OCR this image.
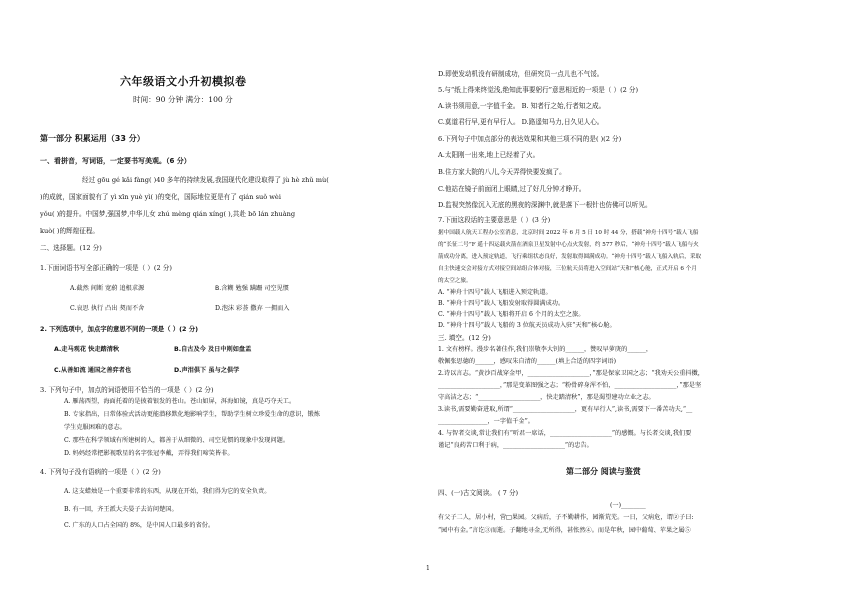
六年级语文小升初模拟卷
时间：90 分钟 满分：100 分
第一部分 积累运用（33 分）
一、看拼音，写词语，一定要书写美观。（6 分）
经过 gōu gé kǎi fàng( )40 多年的持续发展,我国现代化建设取得了 jù hè zhǔ mù(
)的成就，国家面貌有了 yì xīn yuè yì( )的变化，国际地位更是有了 qián suǒ wèi
yǒu( )的提升。中国梦,强国梦,中华儿女 zhú mèng qián xíng( ),共赴 bō lán zhuàng
kuò( )的辉煌征程。
二、选择题。(12 分)
1.下面词语书写全部正确的一项是（ ）(2 分)
A.截然 间断 宽蔚 追根求源	B.含糊 勉强 蹒跚 司空见惯
C.哀思 执行 凸出 契而不舍	D.泡沫 彩荟 撒弃 一拥而入
2. 下列选项中，加点字的意思不同的一项是（ ）(2 分)
A.走马观花 快走踏清秋	B.自古及今 及日中则如盘盂
C.从善如流 通国之善弈者也	D.声泪俱下 虽与之俱学
3. 下列句子中，加点的词语使用不恰当的一项是（ ）(2 分)
A. 雁荡西望，海面托着的是披着银发的苍山。苍山如屏，洱海如镜，真是巧夺天工。
B. 专家指出，日常体验式活动更能潜移默化地影响学生，帮助学生树立珍爱生命的意识，锻炼
学生克服困难的意志。
C. 那些在科学领域有所建树的人，都善于从细微的、司空见惯的现象中发现问题。
D. 妈妈经常把影视歌星的名字张冠李戴，弄得我们啼笑皆非。
4. 下列句子没有语病的一项是（ ）(2 分)
A. 这支蜡烛是一个重要非常的东西，从现在开始，我们得为它的安全负责。
B. 有一回，齐王派大夫晏子去访问楚国。
C. 广东的人口占全国的 8%，是中国人口最多的省份。
D.即使发动机没有研制成功，但研究员一点儿也不气馁。
5.与“纸上得来终觉浅,绝知此事要躬行”意思相近的一项是（ ）(2 分)
A.读书须用意,一字值千金。 B. 知者行之始,行者知之成。
C.莫道君行早,更有早行人。 D.路遥知马力,日久见人心。
6.下列句子中加点部分的表达效果和其他三项不同的是( )(2 分)
A.太阳刚一出来,地上已经着了火。
B.住方家大院的八儿,今天弄得快要发疯了。
C.他站在镜子前面闭上眼睛,过了好几分钟才睁开。
D.监视突然像沉入无底的黑夜的深渊中,就是落下一根针也仿佛可以听见。
7.下面这段话的主要意思是（ ）(3 分)
据中国载人航天工程办公室消息，北京时间 2022 年 6 月 5 日 10 时 44 分，搭载“神舟十四号”载人飞船
的“长征二号”F 遥十四运载火箭在酒泉卫星发射中心点火发射，约 577 秒后，“神舟十四号”载人飞船与火
箭成功分离，进入预定轨道，飞行乘组状态良好，发射取得圆满成功。“神舟十四号”载人飞船入轨后，采取
自主快速交会对接方式对接空间站组合体对接，三位航天员将进入空间站“天和”核心舱，正式开启 6 个月
的太空之旅。
A. “神舟十四号”载人飞船进入预定轨道。
B. “神舟十四号”载人飞船发射取得圆满成功。
C. “神舟十四号”载人飞船将开启 6 个月的太空之旅。
D. “神舟十四号”载人飞船的 3 位航天员成功入驻“天和”核心舱。
三. 填空。(12 分)
1. 文有榜样。漫步名著佳作,我们崇敬李大钊的______，赞叹早萝庚的______，
敬佩张思德的______，感叹朱自清的______(填上合适的四字词语)
2.诗以言志。“黄沙百战穿金甲，____________________，”那是保家卫国之志；“我劝天公重抖擞，
____________________，”那是变革图强之志；“粉骨碎身浑不怕，____________________，”那是坚
守高洁之志；“____________________，快走踏清秋”，那是渴望建功立业之志。
3.读书,需要勤奋进取,所谓“____________________，更有早行人”,读书,需要下一番苦功夫,“__
________________，一字值千金”。
4. 与智者交谈,常让我们有“听君一席话，____________________”的感慨。与长者交谈,我们要
谨记“良药苦口利于病，____________________”的忠告。
第二部分 阅读与鉴赏
四、(一)古文阅读。 ( 7 分)
(一)________
有父子二人，居小村，营□果园。父病后，子不勤耕作，园渐荒芜。一日，父病危，谓②子曰:
“园中有金。”言讫③而逝。子翻地寻金,无所得，甚怅然④。而是年秋，园中葡萄、苹果之属⑤
1
